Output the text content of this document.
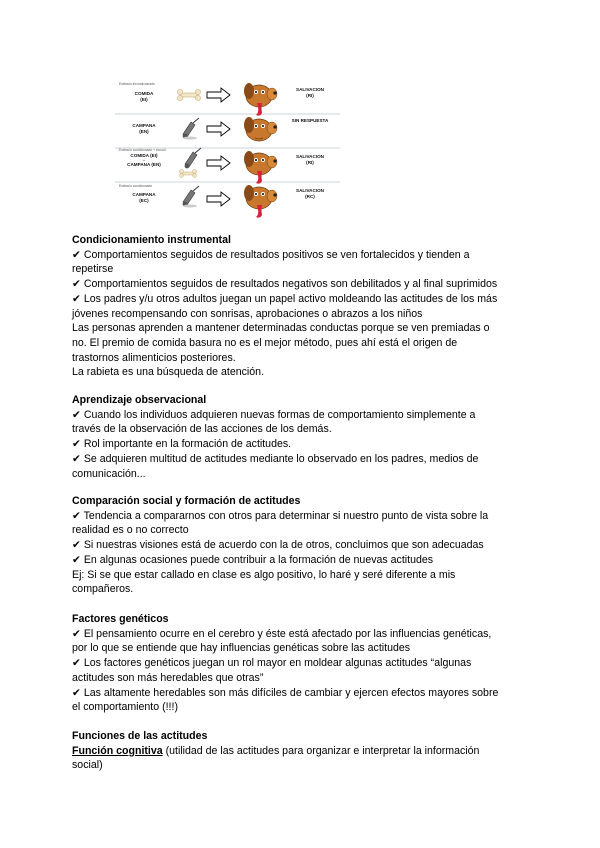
Estímulo incondicionado
COMIDA
(EI)
SALIVACION
(RI)
CAMPANA
(EN)
SIN RESPUESTA
Estímulo condicionado + incond.
COMIDA (EI)
+
CAMPANA (EN)
SALIVACION
(RI)
Estímulo condicionado
CAMPANA
(EC)
SALIVACION
(RC)
Condicionamiento instrumental

✔ Comportamientos seguidos de resultados positivos se ven fortalecidos y tienden a

repetirse

✔ Comportamientos seguidos de resultados negativos son debilitados y al final suprimidos

✔ Los padres y/u otros adultos juegan un papel activo moldeando las actitudes de los más

jóvenes recompensando con sonrisas, aprobaciones o abrazos a los niños

Las personas aprenden a mantener determinadas conductas porque se ven premiadas o

no. El premio de comida basura no es el mejor método, pues ahí está el origen de

trastornos alimenticios posteriores.

La rabieta es una búsqueda de atención.

Aprendizaje observacional

✔ Cuando los individuos adquieren nuevas formas de comportamiento simplemente a

través de la observación de las acciones de los demás.

✔ Rol importante en la formación de actitudes.

✔ Se adquieren multitud de actitudes mediante lo observado en los padres, medios de

comunicación...

Comparación social y formación de actitudes

✔ Tendencia a compararnos con otros para determinar si nuestro punto de vista sobre la

realidad es o no correcto

✔ Si nuestras visiones está de acuerdo con la de otros, concluimos que son adecuadas

✔ En algunas ocasiones puede contribuir a la formación de nuevas actitudes

Ej: Si se que estar callado en clase es algo positivo, lo haré y seré diferente a mis

compañeros.

Factores genéticos

✔ El pensamiento ocurre en el cerebro y éste está afectado por las influencias genéticas,

por lo que se entiende que hay influencias genéticas sobre las actitudes

✔ Los factores genéticos juegan un rol mayor en moldear algunas actitudes “algunas

actitudes son más heredables que otras”

✔ Las altamente heredables son más difíciles de cambiar y ejercen efectos mayores sobre

el comportamiento (!!!)

Funciones de las actitudes

Función cognitiva (utilidad de las actitudes para organizar e interpretar la información

social)
